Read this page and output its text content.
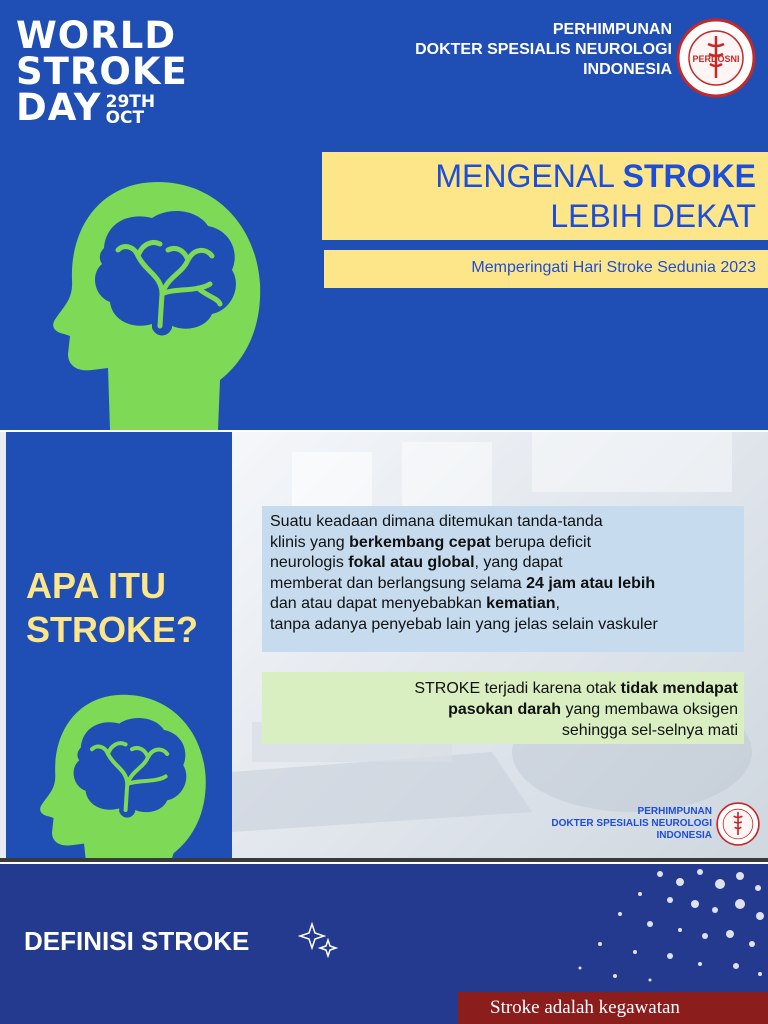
WORLD
STROKE
DAY 29TH
OCT
PERHIMPUNAN
DOKTER SPESIALIS NEUROLOGI
INDONESIA
PERDOSNI
MENGENAL STROKE
LEBIH DEKAT
Memperingati Hari Stroke Sedunia 2023
APA ITU
STROKE?
Suatu keadaan dimana ditemukan tanda-tanda
klinis yang berkembang cepat berupa deficit
neurologis fokal atau global, yang dapat
memberat dan berlangsung selama 24 jam atau lebih
dan atau dapat menyebabkan kematian,
tanpa adanya penyebab lain yang jelas selain vaskuler
STROKE terjadi karena otak tidak mendapat
pasokan darah yang membawa oksigen
sehingga sel-selnya mati
PERHIMPUNAN
DOKTER SPESIALIS NEUROLOGI
INDONESIA
DEFINISI STROKE
Stroke adalah kegawatan
